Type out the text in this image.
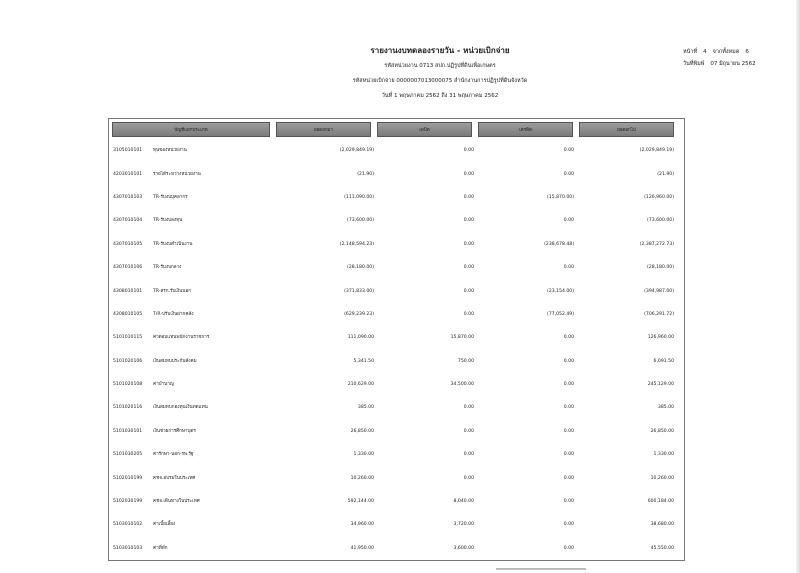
รายงานงบทดลองรายวัน - หน่วยเบิกจ่าย
รหัสหน่วยงาน 0713 สปก.ปฏิรูปที่ดินเพื่อเกษตร
รหัสหน่วยเบิกจ่าย 0000007013000075 สำนักงานการปฏิรูปที่ดินจังหวัด
วันที่ 1 พฤษภาคม 2562 ถึง 31 พฤษภาคม 2562
หน้าที่ 4 จากทั้งหมด 6
วันที่พิมพ์ 07 มิถุนายน 2562
บัญชีแยกประเภท	ยอดยกมา	เดบิต	เครดิต	ยอดยกไป
3105010101	ทุนของหน่วยงาน	(2,029,849.19)	0.00	0.00	(2,029,849.19)
4203010101	รายได้ระหว่างหน่วยงาน	(21.90)	0.00	0.00	(21.90)
4307010103	TR-รับงบบุคลากร	(111,090.00)	0.00	(15,870.00)	(126,960.00)
4307010104	TR-รับงบลงทุน	(73,600.00)	0.00	0.00	(73,600.00)
4307010105	TR-รับงบดำเนินงาน	(2,148,594.23)	0.00	(238,678.48)	(2,387,272.73)
4307010106	TR-รับงบกลาง	(28,180.00)	0.00	0.00	(28,180.00)
4308010101	TR-สรก.รับเงินนอก	(371,833.00)	0.00	(23,154.00)	(394,987.00)
4308010105	T/R-ปรับเงินฝากคลัง	(629,239.23)	0.00	(77,052.49)	(706,291.72)
5101010115	ค่าตอบแทนพนักงานราชการ	111,090.00	15,870.00	0.00	126,960.00
5101020106	เงินสมทบประกันสังคม	5,341.50	750.00	0.00	6,091.50
5101020108	ค่าบำนาญ	210,629.00	34,500.00	0.00	245,129.00
5101020116	เงินสมทบกองทุนเงินทดแทน	385.00	0.00	0.00	385.00
5101030101	เงินช่วยการศึกษาบุตร	26,850.00	0.00	0.00	26,850.00
5101030205	ค่ารักษา-นอก-รพ.รัฐ	1,330.00	0.00	0.00	1,330.00
5102010199	คชจ.อบรมในประเทศ	10,260.00	0.00	0.00	10,260.00
5102030199	คชจ.เดินทางในประเทศ	592,144.00	8,040.00	0.00	600,184.00
5103010102	ค่าเบี้ยเลี้ยง	34,960.00	3,720.00	0.00	38,680.00
5103010103	ค่าที่พัก	41,950.00	3,600.00	0.00	45,550.00
